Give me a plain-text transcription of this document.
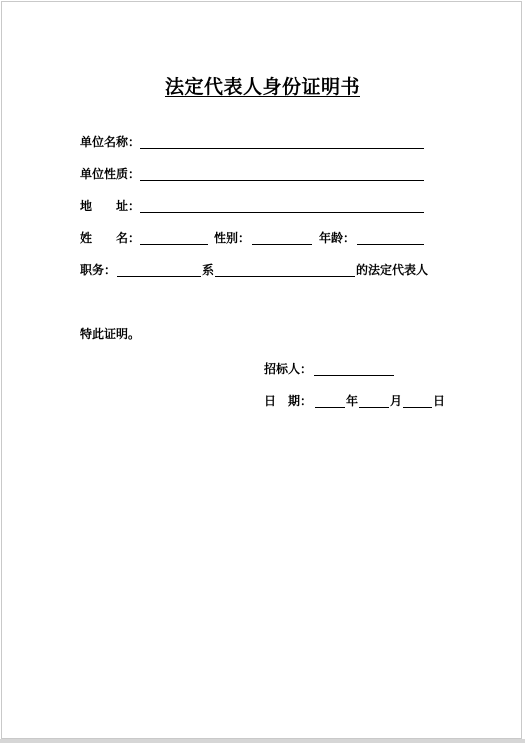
法定代表人身份证明书
单位名称：
单位性质：
地　　址：
姓　　名：	性别：	年龄：
职务：	系	的法定代表人
特此证明。
招标人：
日　期：	年	月	日
